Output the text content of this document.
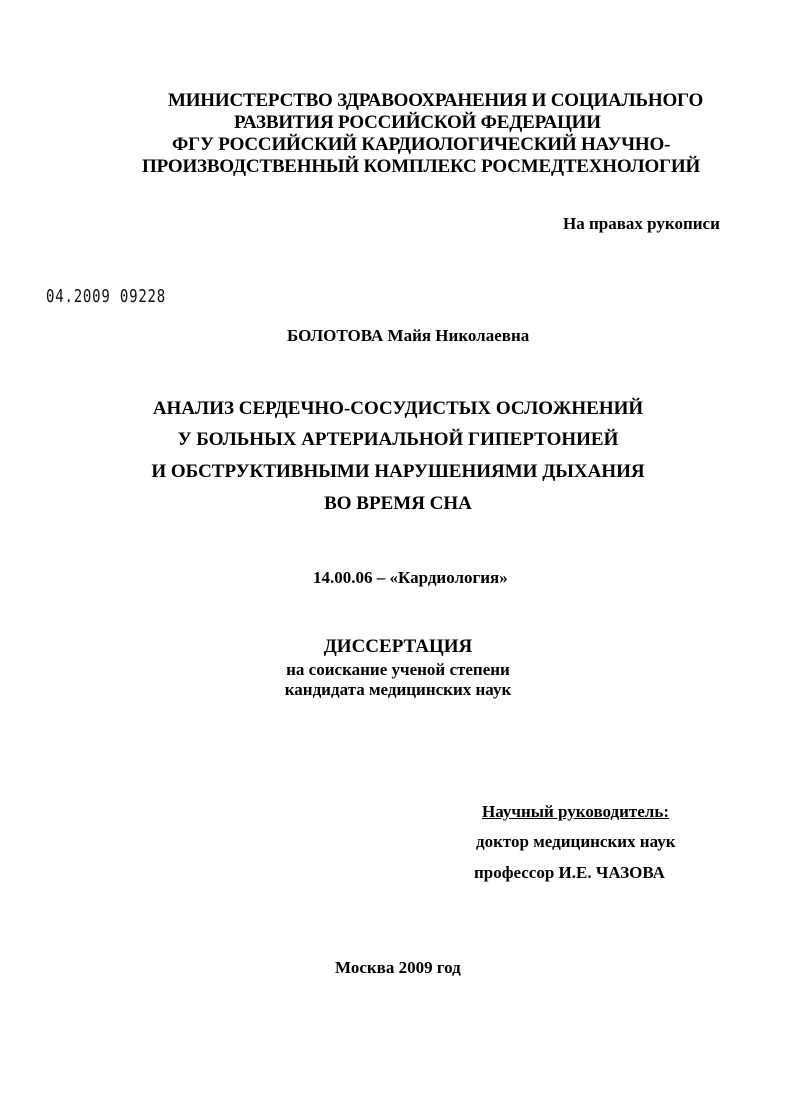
МИНИСТЕРСТВО ЗДРАВООХРАНЕНИЯ И СОЦИАЛЬНОГО
РАЗВИТИЯ РОССИЙСКОЙ ФЕДЕРАЦИИ
ФГУ РОССИЙСКИЙ КАРДИОЛОГИЧЕСКИЙ НАУЧНО-
ПРОИЗВОДСТВЕННЫЙ КОМПЛЕКС РОСМЕДТЕХНОЛОГИЙ
На правах рукописи
04.2009 09228
БОЛОТОВА Майя Николаевна
АНАЛИЗ СЕРДЕЧНО-СОСУДИСТЫХ ОСЛОЖНЕНИЙ
У БОЛЬНЫХ АРТЕРИАЛЬНОЙ ГИПЕРТОНИЕЙ
И ОБСТРУКТИВНЫМИ НАРУШЕНИЯМИ ДЫХАНИЯ
ВО ВРЕМЯ СНА
14.00.06 – «Кардиология»
ДИССЕРТАЦИЯ
на соискание ученой степени
кандидата медицинских наук
Научный руководитель:
доктор медицинских наук
профессор И.Е. ЧАЗОВА
Москва 2009 год
